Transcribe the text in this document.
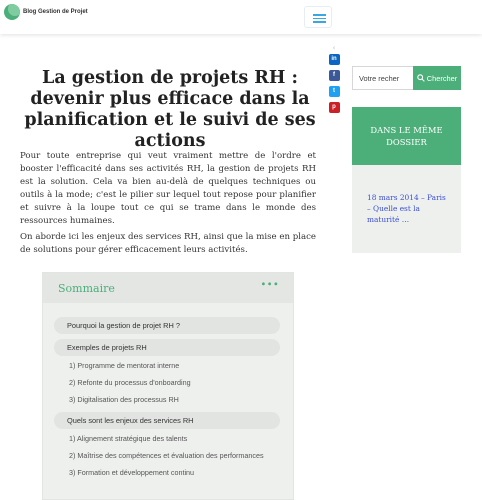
Blog Gestion de Projet
‹
in
f
t
p
La gestion de projets RH : devenir plus efficace dans la planification et le suivi de ses actions

Pour toute entreprise qui veut vraiment mettre de l'ordre et booster l'efficacité dans ses activités RH, la gestion de projets RH est la solution. Cela va bien au-delà de quelques techniques ou outils à la mode; c'est le pilier sur lequel tout repose pour planifier et suivre à la loupe tout ce qui se trame dans le monde des ressources humaines.

On aborde ici les enjeux des services RH, ainsi que la mise en place de solutions pour gérer efficacement leurs activités.

Sommaire	∙∙∙
Pourquoi la gestion de projet RH ?
Exemples de projets RH
1) Programme de mentorat interne
2) Refonte du processus d'onboarding
3) Digitalisation des processus RH
Quels sont les enjeux des services RH
1) Alignement stratégique des talents
2) Maîtrise des compétences et évaluation des performances
3) Formation et développement continu
Votre recher
Chercher
DANS LE MÊME DOSSIER
18 mars 2014 – Paris – Quelle est la maturité …
